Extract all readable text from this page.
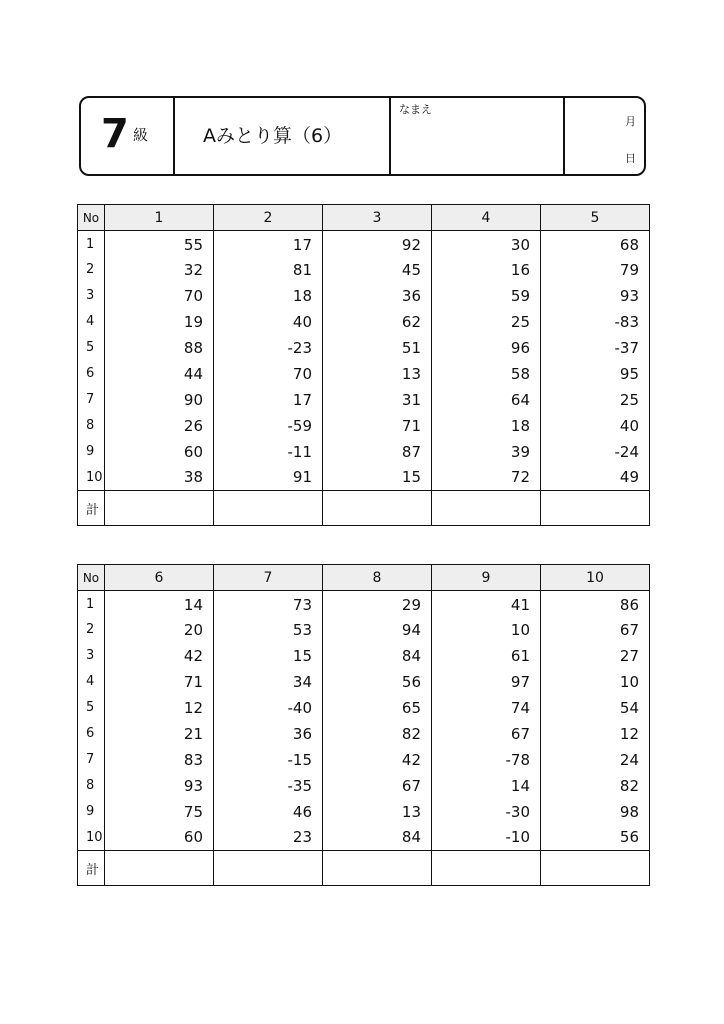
7 級	Aみとり算（6）
なまえ
月
日
No	1	2	3	4	5
1	55	17	92	30	68
2	32	81	45	16	79
3	70	18	36	59	93
4	19	40	62	25	-83
5	88	-23	51	96	-37
6	44	70	13	58	95
7	90	17	31	64	25
8	26	-59	71	18	40
9	60	-11	87	39	-24
10	38	91	15	72	49
計					
No	6	7	8	9	10
1	14	73	29	41	86
2	20	53	94	10	67
3	42	15	84	61	27
4	71	34	56	97	10
5	12	-40	65	74	54
6	21	36	82	67	12
7	83	-15	42	-78	24
8	93	-35	67	14	82
9	75	46	13	-30	98
10	60	23	84	-10	56
計					
